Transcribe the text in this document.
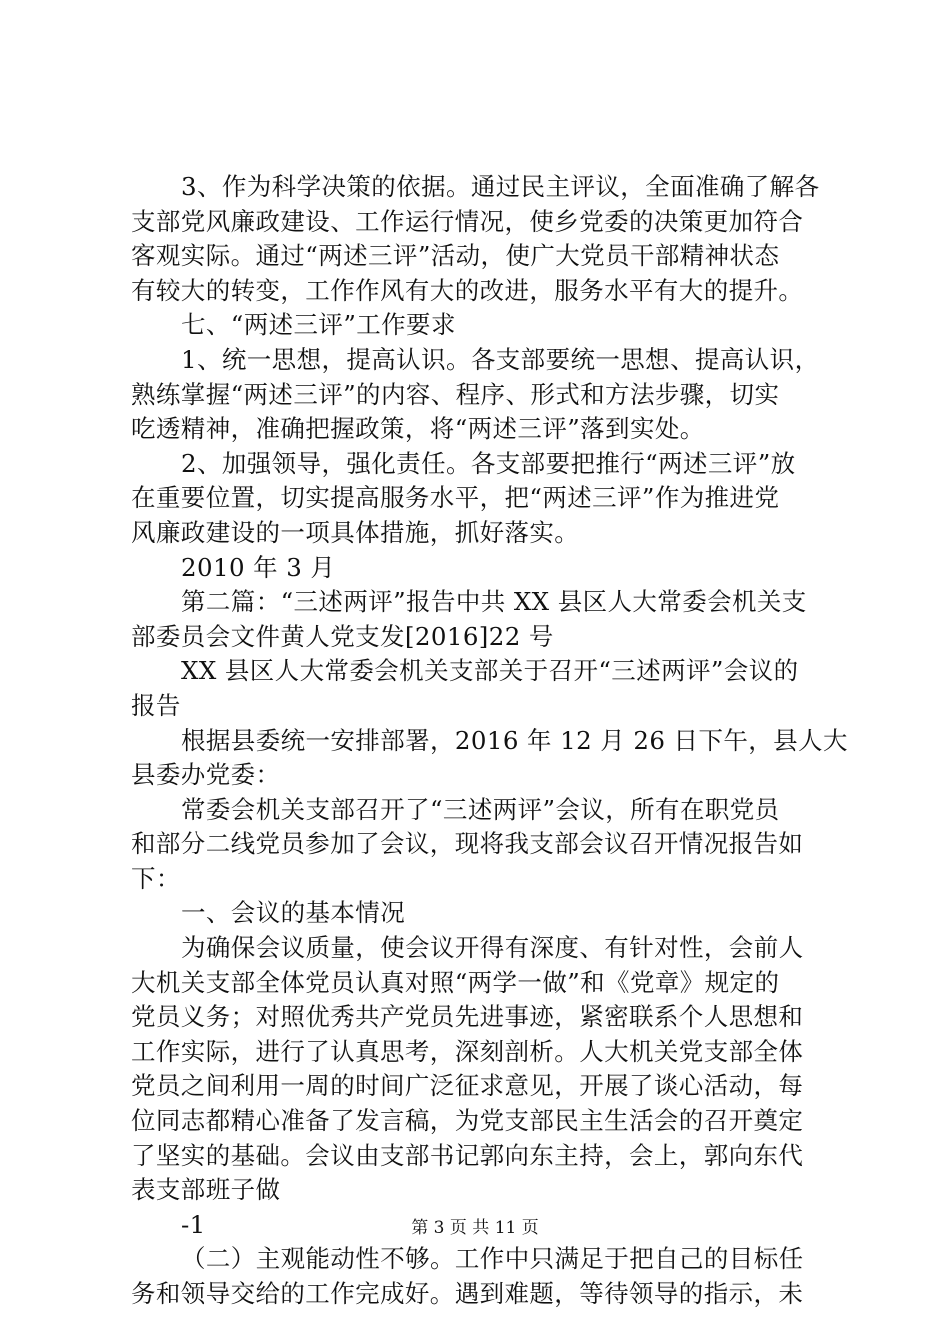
3、作为科学决策的依据。通过民主评议，全面准确了解各
支部党风廉政建设、工作运行情况，使乡党委的决策更加符合
客观实际。通过“两述三评”活动，使广大党员干部精神状态
有较大的转变，工作作风有大的改进，服务水平有大的提升。
七、“两述三评”工作要求
1、统一思想，提高认识。各支部要统一思想、提高认识，
熟练掌握“两述三评”的内容、程序、形式和方法步骤，切实
吃透精神，准确把握政策，将“两述三评”落到实处。
2、加强领导，强化责任。各支部要把推行“两述三评”放
在重要位置，切实提高服务水平，把“两述三评”作为推进党
风廉政建设的一项具体措施，抓好落实。
2010 年 3 月
第二篇：“三述两评”报告中共 XX 县区人大常委会机关支
部委员会文件黄人党支发[2016]22 号
XX 县区人大常委会机关支部关于召开“三述两评”会议的
报告
根据县委统一安排部署，2016 年 12 月 26 日下午，县人大
县委办党委：
常委会机关支部召开了“三述两评”会议，所有在职党员
和部分二线党员参加了会议，现将我支部会议召开情况报告如
下：
一、会议的基本情况
为确保会议质量，使会议开得有深度、有针对性，会前人
大机关支部全体党员认真对照“两学一做”和《党章》规定的
党员义务；对照优秀共产党员先进事迹，紧密联系个人思想和
工作实际，进行了认真思考，深刻剖析。人大机关党支部全体
党员之间利用一周的时间广泛征求意见，开展了谈心活动，每
位同志都精心准备了发言稿，为党支部民主生活会的召开奠定
了坚实的基础。会议由支部书记郭向东主持，会上，郭向东代
表支部班子做
-1
（二）主观能动性不够。工作中只满足于把自己的目标任
务和领导交给的工作完成好。遇到难题，等待领导的指示，未
第 3 页 共 11 页
